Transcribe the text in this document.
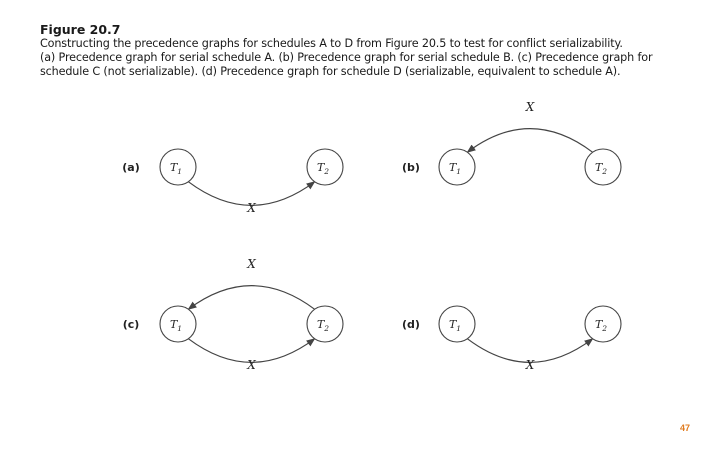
Figure 20.7
Constructing the precedence graphs for schedules A to D from Figure 20.5 to test for conflict serializability.
(a) Precedence graph for serial schedule A. (b) Precedence graph for serial schedule B. (c) Precedence graph for
schedule C (not serializable). (d) Precedence graph for schedule D (serializable, equivalent to schedule A).
(a)
X
$T_1$	$T_2$	(b)
X
$T_1$	$T_2$
(c)
X
X
$T_1$	$T_2$	(d)
X
$T_1$	$T_2$
47
